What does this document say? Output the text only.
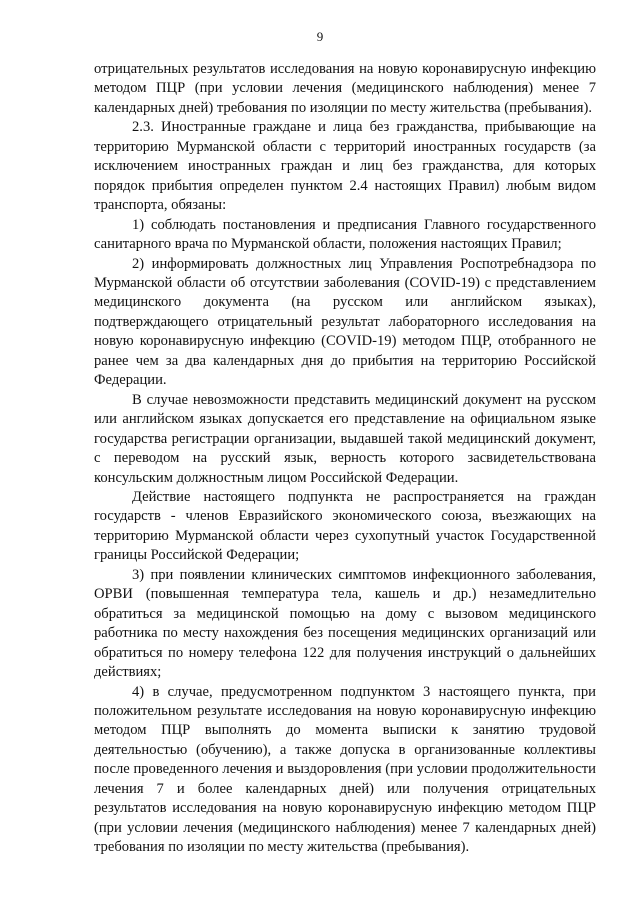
9

отрицательных результатов исследования на новую коронавирусную инфекцию методом ПЦР (при условии лечения (медицинского наблюдения) менее 7 календарных дней) требования по изоляции по месту жительства (пребывания).

2.3. Иностранные граждане и лица без гражданства, прибывающие на территорию Мурманской области с территорий иностранных государств (за исключением иностранных граждан и лиц без гражданства, для которых порядок прибытия определен пунктом 2.4 настоящих Правил) любым видом транспорта, обязаны:

1) соблюдать постановления и предписания Главного государственного санитарного врача по Мурманской области, положения настоящих Правил;

2) информировать должностных лиц Управления Роспотребнадзора по Мурманской области об отсутствии заболевания (COVID-19) с представлением медицинского документа (на русском или английском языках), подтверждающего отрицательный результат лабораторного исследования на новую коронавирусную инфекцию (COVID-19) методом ПЦР, отобранного не ранее чем за два календарных дня до прибытия на территорию Российской Федерации.

В случае невозможности представить медицинский документ на русском или английском языках допускается его представление на официальном языке государства регистрации организации, выдавшей такой медицинский документ, с переводом на русский язык, верность которого засвидетельствована консульским должностным лицом Российской Федерации.

Действие настоящего подпункта не распространяется на граждан государств - членов Евразийского экономического союза, въезжающих на территорию Мурманской области через сухопутный участок Государственной границы Российской Федерации;

3) при появлении клинических симптомов инфекционного заболевания, ОРВИ (повышенная температура тела, кашель и др.) незамедлительно обратиться за медицинской помощью на дому с вызовом медицинского работника по месту нахождения без посещения медицинских организаций или обратиться по номеру телефона 122 для получения инструкций о дальнейших действиях;

4) в случае, предусмотренном подпунктом 3 настоящего пункта, при положительном результате исследования на новую коронавирусную инфекцию методом ПЦР выполнять до момента выписки к занятию трудовой деятельностью (обучению), а также допуска в организованные коллективы после проведенного лечения и выздоровления (при условии продолжительности лечения 7 и более календарных дней) или получения отрицательных результатов исследования на новую коронавирусную инфекцию методом ПЦР (при условии лечения (медицинского наблюдения) менее 7 календарных дней) требования по изоляции по месту жительства (пребывания).
